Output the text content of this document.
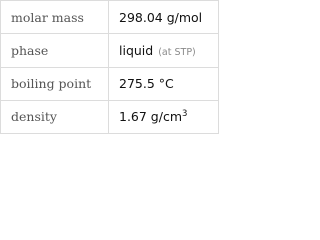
molar mass	298.04 g/mol
phase	liquid (at STP)
boiling point	275.5 °C
density	1.67 $g/cm^3$
